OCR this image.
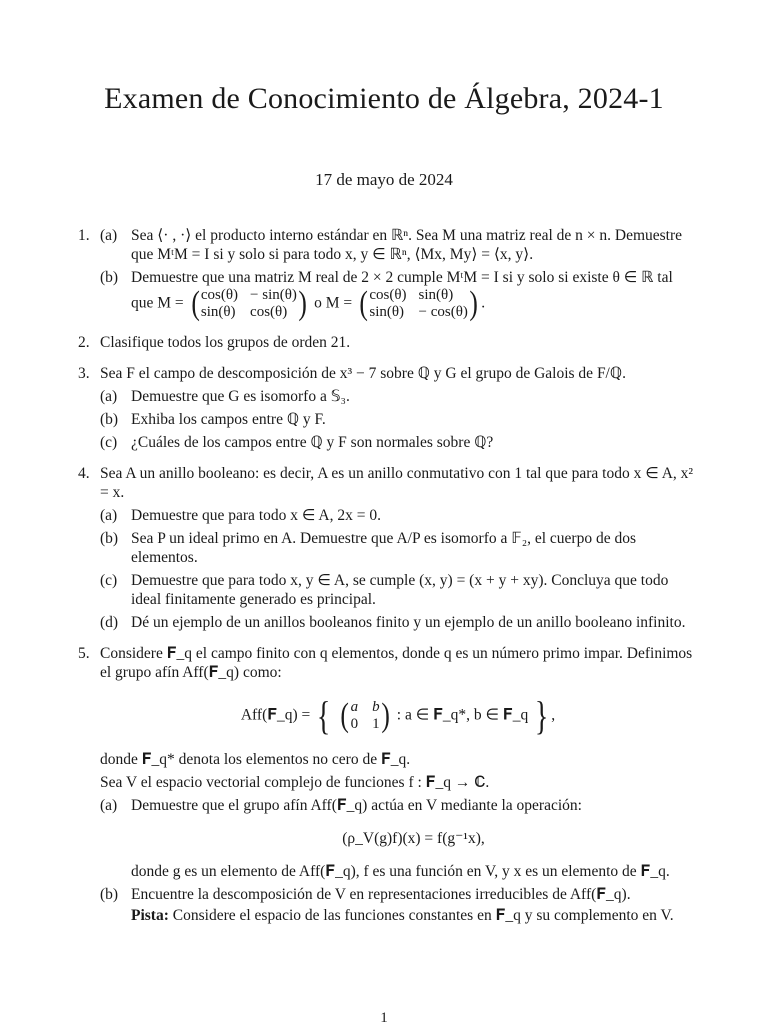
Examen de Conocimiento de Álgebra, 2024-1
17 de mayo de 2024
1. (a) Sea ⟨· , ·⟩ el producto interno estándar en ℝⁿ. Sea M una matriz real de n × n. Demuestre que MᵗM = I si y solo si para todo x, y ∈ ℝⁿ, ⟨Mx, My⟩ = ⟨x, y⟩.
(b) Demuestre que una matriz M real de 2 × 2 cumple MᵗM = I si y solo si existe θ ∈ ℝ tal que M = ( cos(θ) − sin(θ)
sin(θ) cos(θ) ) o M = ( cos(θ) sin(θ)
sin(θ) − cos(θ) ) .
2. Clasifique todos los grupos de orden 21.
3. Sea F el campo de descomposición de x³ − 7 sobre ℚ y G el grupo de Galois de F/ℚ.
(a) Demuestre que G es isomorfo a 𝕊₃.
(b) Exhiba los campos entre ℚ y F.
(c) ¿Cuáles de los campos entre ℚ y F son normales sobre ℚ?
4. Sea A un anillo booleano: es decir, A es un anillo conmutativo con 1 tal que para todo x ∈ A, x² = x.
(a) Demuestre que para todo x ∈ A, 2x = 0.
(b) Sea P un ideal primo en A. Demuestre que A/P es isomorfo a 𝔽₂, el cuerpo de dos elementos.
(c) Demuestre que para todo x, y ∈ A, se cumple (x, y) = (x + y + xy). Concluya que todo ideal finitamente generado es principal.
(d) Dé un ejemplo de un anillos booleanos finito y un ejemplo de un anillo booleano infinito.
5. Considere 𝐅_q el campo finito con q elementos, donde q es un número primo impar. Definimos el grupo afín Aff(𝐅_q) como:
Aff(𝐅_q) = { ( a b
0 1 ) : a ∈ 𝐅_q*, b ∈ 𝐅_q } ,
donde 𝐅_q* denota los elementos no cero de 𝐅_q.
Sea V el espacio vectorial complejo de funciones f : 𝐅_q → ℂ.
(a) Demuestre que el grupo afín Aff(𝐅_q) actúa en V mediante la operación:
(ρ_V(g)f)(x) = f(g⁻¹x),
donde g es un elemento de Aff(𝐅_q), f es una función en V, y x es un elemento de 𝐅_q.
(b) Encuentre la descomposición de V en representaciones irreducibles de Aff(𝐅_q).
Pista: Considere el espacio de las funciones constantes en 𝐅_q y su complemento en V.
1
